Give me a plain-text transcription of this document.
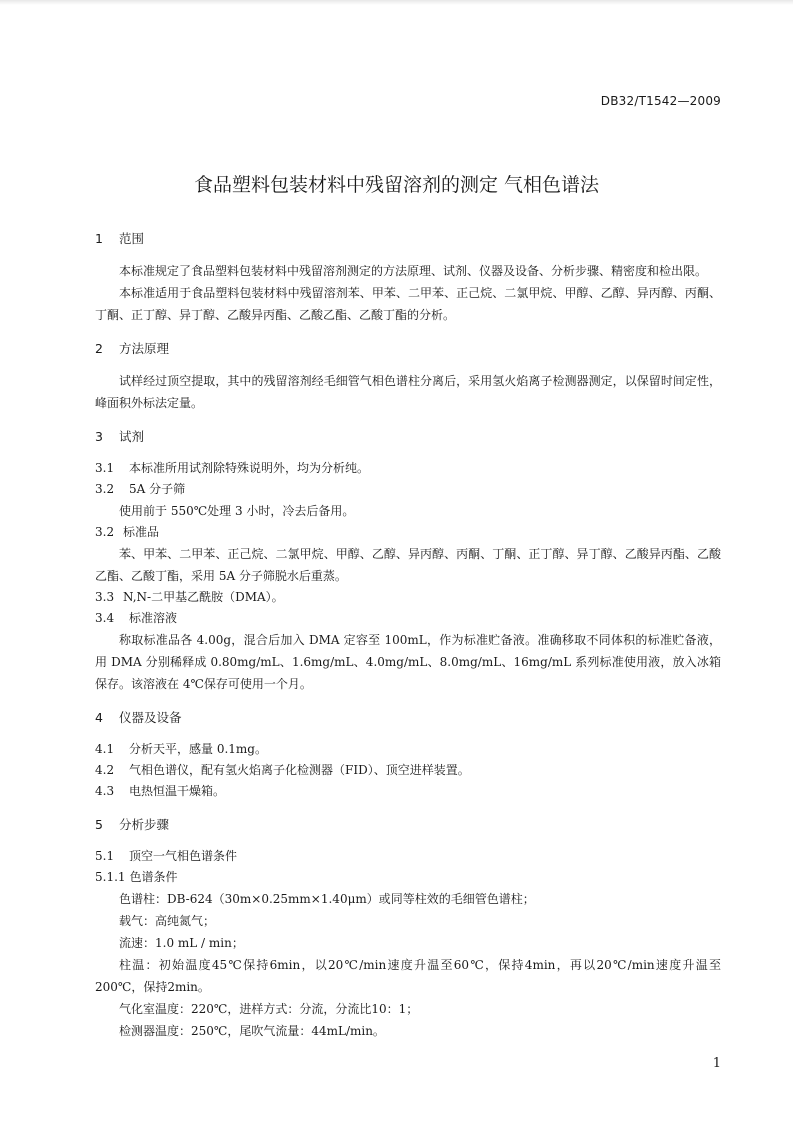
DB32/T1542—2009
食品塑料包装材料中残留溶剂的测定 气相色谱法
1 范围
本标准规定了食品塑料包装材料中残留溶剂测定的方法原理、试剂、仪器及设备、分析步骤、精密度和检出限。
本标准适用于食品塑料包装材料中残留溶剂苯、甲苯、二甲苯、正己烷、二氯甲烷、甲醇、乙醇、异丙醇、丙酮、丁酮、正丁醇、异丁醇、乙酸异丙酯、乙酸乙酯、乙酸丁酯的分析。
2 方法原理
试样经过顶空提取，其中的残留溶剂经毛细管气相色谱柱分离后，采用氢火焰离子检测器测定，以保留时间定性，峰面积外标法定量。
3 试剂
3.1 本标准所用试剂除特殊说明外，均为分析纯。
3.2 5A 分子筛
使用前于 550℃处理 3 小时，冷去后备用。
3.2 标准品
苯、甲苯、二甲苯、正己烷、二氯甲烷、甲醇、乙醇、异丙醇、丙酮、丁酮、正丁醇、异丁醇、乙酸异丙酯、乙酸乙酯、乙酸丁酯，采用 5A 分子筛脱水后重蒸。
3.3 N,N-二甲基乙酰胺（DMA）。
3.4 标准溶液
称取标准品各 4.00g，混合后加入 DMA 定容至 100mL，作为标准贮备液。准确移取不同体积的标准贮备液，用 DMA 分别稀释成 0.80mg/mL、1.6mg/mL、4.0mg/mL、8.0mg/mL、16mg/mL 系列标准使用液，放入冰箱保存。该溶液在 4℃保存可使用一个月。
4 仪器及设备
4.1 分析天平，感量 0.1mg。
4.2 气相色谱仪，配有氢火焰离子化检测器（FID）、顶空进样装置。
4.3 电热恒温干燥箱。
5 分析步骤
5.1 顶空一气相色谱条件
5.1.1 色谱条件
色谱柱：DB-624（30m×0.25mm×1.40μm）或同等柱效的毛细管色谱柱；
载气：高纯氮气；
流速：1.0 mL / min；
柱温：初始温度45℃保持6min，以20℃/min速度升温至60℃，保持4min，再以20℃/min速度升温至200℃，保持2min。
气化室温度：220℃，进样方式：分流，分流比10：1；
检测器温度：250℃，尾吹气流量：44mL/min。
1
